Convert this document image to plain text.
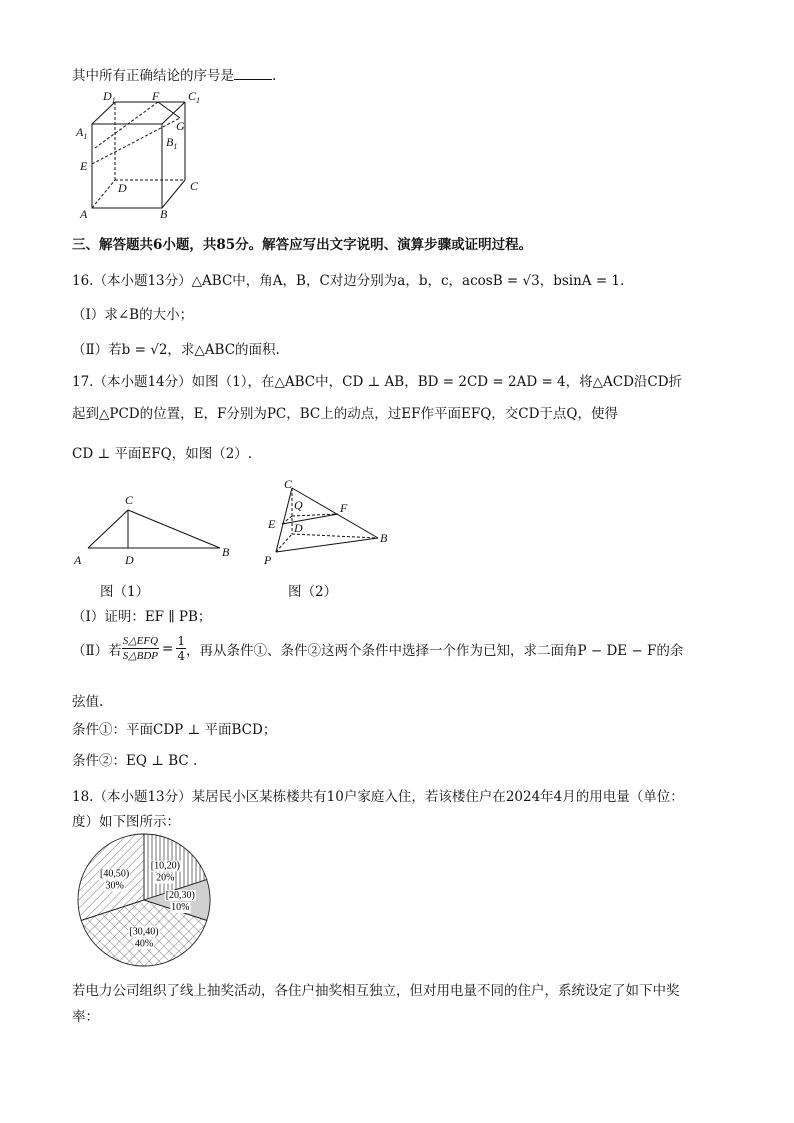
其中所有正确结论的序号是	.
$D_1$	F $C_1$
$A_1$
G
$B_1$
E
D	C
A	B
三、解答题共6小题，共85分。解答应写出文字说明、演算步骤或证明过程。
16.（本小题13分）△ABC中，角A，B，C对边分别为a，b，c，acosB = √3，bsinA = 1.
（Ⅰ）求∠B的大小；
（Ⅱ）若b = √2，求△ABC的面积.
17.（本小题14分）如图（1），在△ABC中，CD ⊥ AB，BD = 2CD = 2AD = 4，将△ACD沿CD折
起到△PCD的位置，E，F分别为PC，BC上的动点，过EF作平面EFQ，交CD于点Q，使得
CD ⊥ 平面EFQ，如图（2）.
C
A	D
B
图（1）
C
Q	F
E D
B
P
图（2）
（Ⅰ）证明：EF ∥ PB；
（Ⅱ）若 $\frac{\text{S△EFQ}}{\text{S△BDP}} = \frac{1}{4}$ ，再从条件①、条件②这两个条件中选择一个作为已知，求二面角P − DE − F的余
弦值.
条件①：平面CDP ⊥ 平面BCD；
条件②：EQ ⊥ BC .
18.（本小题13分）某居民小区某栋楼共有10户家庭入住，若该楼住户在2024年4月的用电量（单位：
度）如下图所示：
[10,20)
20%
[20,30)
10%
[30,40)
40%
[40,50)
30%
若电力公司组织了线上抽奖活动，各住户抽奖相互独立，但对用电量不同的住户，系统设定了如下中奖
率：
